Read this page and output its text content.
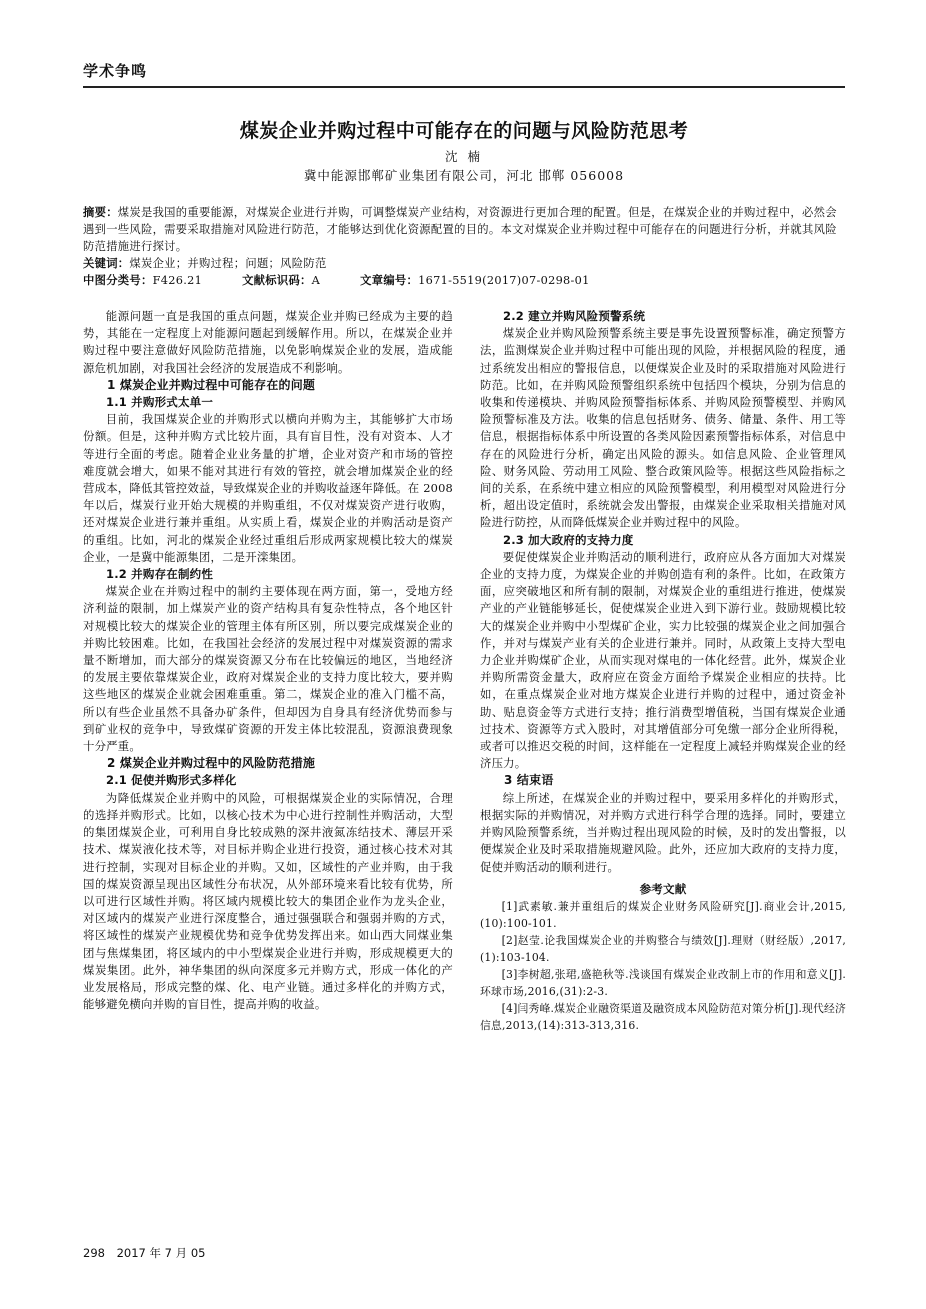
学术争鸣
煤炭企业并购过程中可能存在的问题与风险防范思考
沈 楠
冀中能源邯郸矿业集团有限公司，河北 邯郸 056008
摘要：煤炭是我国的重要能源，对煤炭企业进行并购，可调整煤炭产业结构，对资源进行更加合理的配置。但是，在煤炭企业的并购过程中，必然会遇到一些风险，需要采取措施对风险进行防范，才能够达到优化资源配置的目的。本文对煤炭企业并购过程中可能存在的问题进行分析，并就其风险防范措施进行探讨。
关键词：煤炭企业；并购过程；问题；风险防范
中图分类号：F426.21	文献标识码：A	文章编号：1671-5519(2017)07-0298-01

能源问题一直是我国的重点问题，煤炭企业并购已经成为主要的趋势，其能在一定程度上对能源问题起到缓解作用。所以，在煤炭企业并购过程中要注意做好风险防范措施，以免影响煤炭企业的发展，造成能源危机加剧，对我国社会经济的发展造成不利影响。

1 煤炭企业并购过程中可能存在的问题
1.1 并购形式太单一

目前，我国煤炭企业的并购形式以横向并购为主，其能够扩大市场份额。但是，这种并购方式比较片面，具有盲目性，没有对资本、人才等进行全面的考虑。随着企业业务量的扩增，企业对资产和市场的管控难度就会增大，如果不能对其进行有效的管控，就会增加煤炭企业的经营成本，降低其管控效益，导致煤炭企业的并购收益逐年降低。在 2008 年以后，煤炭行业开始大规模的并购重组，不仅对煤炭资产进行收购，还对煤炭企业进行兼并重组。从实质上看，煤炭企业的并购活动是资产的重组。比如，河北的煤炭企业经过重组后形成两家规模比较大的煤炭企业，一是冀中能源集团，二是开滦集团。

1.2 并购存在制约性

煤炭企业在并购过程中的制约主要体现在两方面，第一，受地方经济利益的限制，加上煤炭产业的资产结构具有复杂性特点，各个地区针对规模比较大的煤炭企业的管理主体有所区别，所以要完成煤炭企业的并购比较困难。比如，在我国社会经济的发展过程中对煤炭资源的需求量不断增加，而大部分的煤炭资源又分布在比较偏远的地区，当地经济的发展主要依靠煤炭企业，政府对煤炭企业的支持力度比较大，要并购这些地区的煤炭企业就会困难重重。第二，煤炭企业的准入门槛不高，所以有些企业虽然不具备办矿条件，但却因为自身具有经济优势而参与到矿业权的竞争中，导致煤矿资源的开发主体比较混乱，资源浪费现象十分严重。

2 煤炭企业并购过程中的风险防范措施
2.1 促使并购形式多样化

为降低煤炭企业并购中的风险，可根据煤炭企业的实际情况，合理的选择并购形式。比如，以核心技术为中心进行控制性并购活动，大型的集团煤炭企业，可利用自身比较成熟的深井液氮冻结技术、薄层开采技术、煤炭液化技术等，对目标并购企业进行投资，通过核心技术对其进行控制，实现对目标企业的并购。又如，区域性的产业并购，由于我国的煤炭资源呈现出区域性分布状况，从外部环境来看比较有优势，所以可进行区域性并购。将区域内规模比较大的集团企业作为龙头企业，对区域内的煤炭产业进行深度整合，通过强强联合和强弱并购的方式，将区域性的煤炭产业规模优势和竞争优势发挥出来。如山西大同煤业集团与焦煤集团，将区域内的中小型煤炭企业进行并购，形成规模更大的煤炭集团。此外，神华集团的纵向深度多元并购方式，形成一体化的产业发展格局，形成完整的煤、化、电产业链。通过多样化的并购方式，能够避免横向并购的盲目性，提高并购的收益。

2.2 建立并购风险预警系统

煤炭企业并购风险预警系统主要是事先设置预警标准，确定预警方法，监测煤炭企业并购过程中可能出现的风险，并根据风险的程度，通过系统发出相应的警报信息，以便煤炭企业及时的采取措施对风险进行防范。比如，在并购风险预警组织系统中包括四个模块，分别为信息的收集和传递模块、并购风险预警指标体系、并购风险预警模型、并购风险预警标准及方法。收集的信息包括财务、债务、储量、条件、用工等信息，根据指标体系中所设置的各类风险因素预警指标体系，对信息中存在的风险进行分析，确定出风险的源头。如信息风险、企业管理风险、财务风险、劳动用工风险、整合政策风险等。根据这些风险指标之间的关系，在系统中建立相应的风险预警模型，利用模型对风险进行分析，超出设定值时，系统就会发出警报，由煤炭企业采取相关措施对风险进行防控，从而降低煤炭企业并购过程中的风险。

2.3 加大政府的支持力度

要促使煤炭企业并购活动的顺利进行，政府应从各方面加大对煤炭企业的支持力度，为煤炭企业的并购创造有利的条件。比如，在政策方面，应突破地区和所有制的限制，对煤炭企业的重组进行推进，使煤炭产业的产业链能够延长，促使煤炭企业进入到下游行业。鼓励规模比较大的煤炭企业并购中小型煤矿企业，实力比较强的煤炭企业之间加强合作，并对与煤炭产业有关的企业进行兼并。同时，从政策上支持大型电力企业并购煤矿企业，从而实现对煤电的一体化经营。此外，煤炭企业并购所需资金量大，政府应在资金方面给予煤炭企业相应的扶持。比如，在重点煤炭企业对地方煤炭企业进行并购的过程中，通过资金补助、贴息资金等方式进行支持；推行消费型增值税，当国有煤炭企业通过技术、资源等方式入股时，对其增值部分可免缴一部分企业所得税，或者可以推迟交税的时间，这样能在一定程度上减轻并购煤炭企业的经济压力。

3 结束语

综上所述，在煤炭企业的并购过程中，要采用多样化的并购形式，根据实际的并购情况，对并购方式进行科学合理的选择。同时，要建立并购风险预警系统，当并购过程出现风险的时候，及时的发出警报，以便煤炭企业及时采取措施规避风险。此外，还应加大政府的支持力度，促使并购活动的顺利进行。

参考文献

[1]武素敏.兼并重组后的煤炭企业财务风险研究[J].商业会计,2015,(10):100-101.

[2]赵莹.论我国煤炭企业的并购整合与绩效[J].理财（财经版）,2017,(1):103-104.

[3]李树超,张珺,盛艳秋等.浅谈国有煤炭企业改制上市的作用和意义[J].环球市场,2016,(31):2-3.

[4]闫秀峰.煤炭企业融资渠道及融资成本风险防范对策分析[J].现代经济信息,2013,(14):313-313,316.

298 2017 年 7 月 05
